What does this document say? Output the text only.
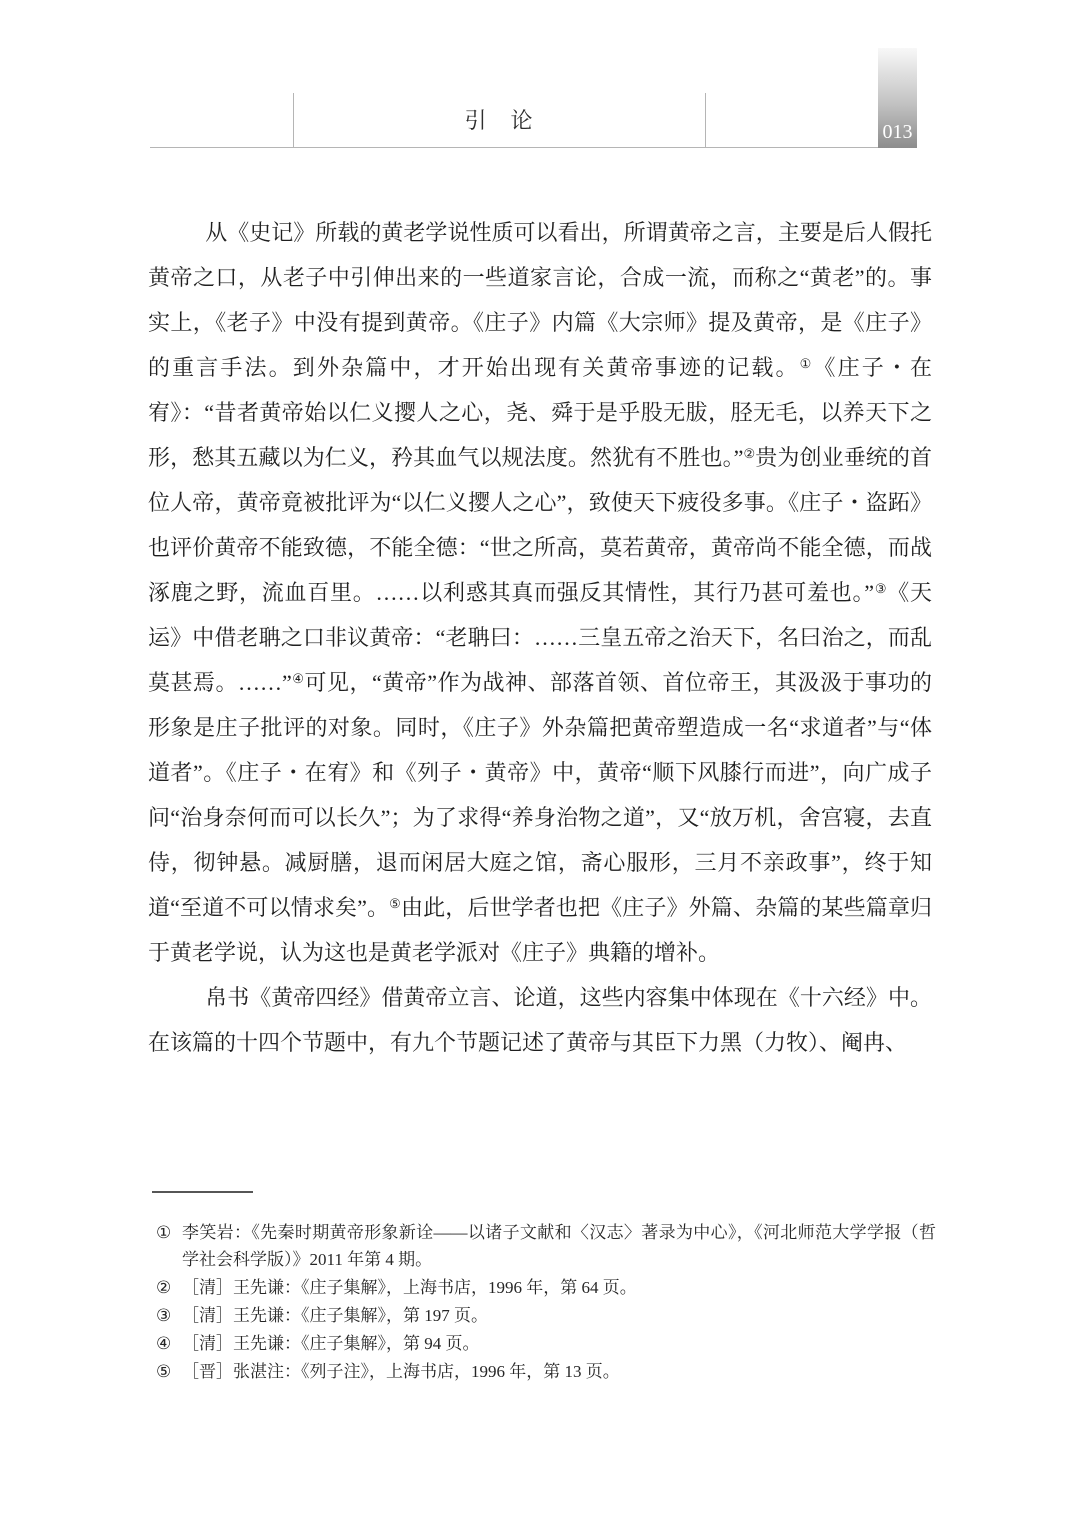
引　论	013

从《史记》所载的黄老学说性质可以看出，所谓黄帝之言，主要是后人假托黄帝之口，从老子中引伸出来的一些道家言论，合成一流，而称之“黄老”的。事实上，《老子》中没有提到黄帝。《庄子》内篇《大宗师》提及黄帝，是《庄子》的重言手法。到外杂篇中，才开始出现有关黄帝事迹的记载。①《庄子・在宥》：“昔者黄帝始以仁义撄人之心，尧、舜于是乎股无胈，胫无毛，以养天下之形，愁其五藏以为仁义，矜其血气以规法度。然犹有不胜也。”②贵为创业垂统的首位人帝，黄帝竟被批评为“以仁义撄人之心”，致使天下疲役多事。《庄子・盗跖》也评价黄帝不能致德，不能全德：“世之所高，莫若黄帝，黄帝尚不能全德，而战涿鹿之野，流血百里。……以利惑其真而强反其情性，其行乃甚可羞也。”③《天运》中借老聃之口非议黄帝：“老聃曰：……三皇五帝之治天下，名曰治之，而乱莫甚焉。……”④可见，“黄帝”作为战神、部落首领、首位帝王，其汲汲于事功的形象是庄子批评的对象。同时，《庄子》外杂篇把黄帝塑造成一名“求道者”与“体道者”。《庄子・在宥》和《列子・黄帝》中，黄帝“顺下风膝行而进”，向广成子问“治身奈何而可以长久”；为了求得“养身治物之道”，又“放万机，舍宫寝，去直侍，彻钟悬。减厨膳，退而闲居大庭之馆，斋心服形，三月不亲政事”，终于知道“至道不可以情求矣”。⑤由此，后世学者也把《庄子》外篇、杂篇的某些篇章归于黄老学说，认为这也是黄老学派对《庄子》典籍的增补。

帛书《黄帝四经》借黄帝立言、论道，这些内容集中体现在《十六经》中。在该篇的十四个节题中，有九个节题记述了黄帝与其臣下力黑（力牧）、阉冉、

① 李笑岩：《先秦时期黄帝形象新诠——以诸子文献和〈汉志〉著录为中心》，《河北师范大学学报（哲学社会科学版）》2011 年第 4 期。
② ［清］王先谦：《庄子集解》，上海书店，1996 年，第 64 页。
③ ［清］王先谦：《庄子集解》，第 197 页。
④ ［清］王先谦：《庄子集解》，第 94 页。
⑤ ［晋］张湛注：《列子注》，上海书店，1996 年，第 13 页。
